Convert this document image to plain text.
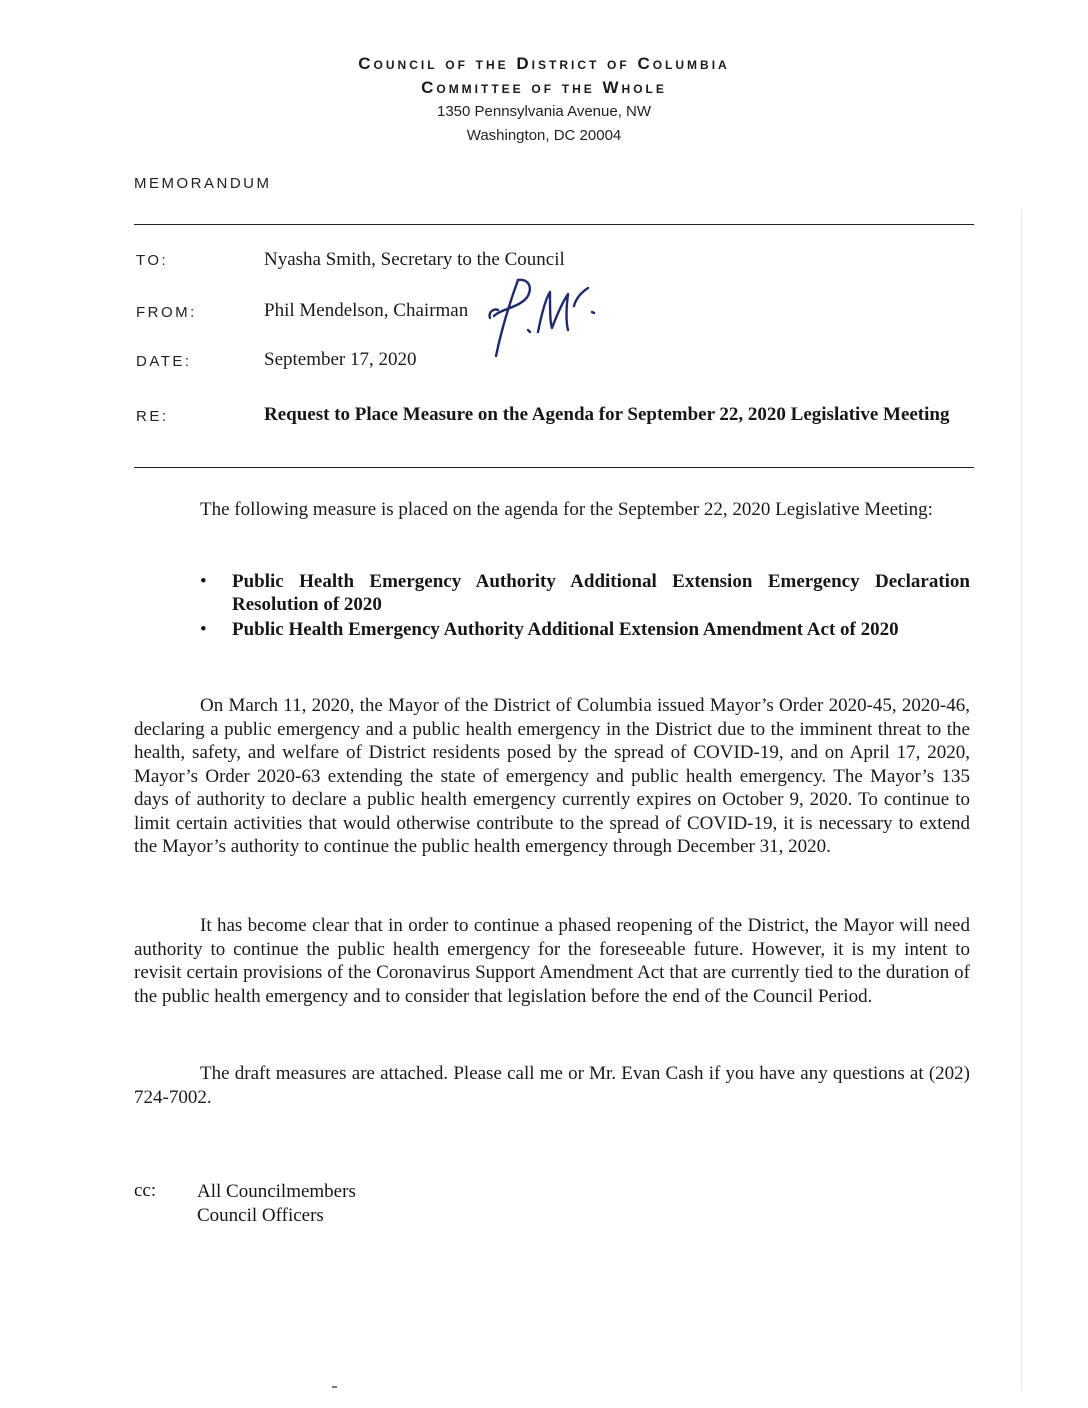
Council of the District of Columbia
Committee of the Whole
1350 Pennsylvania Avenue, NW
Washington, DC 20004
MEMORANDUM
TO:	Nyasha Smith, Secretary to the Council
FROM:	Phil Mendelson, Chairman
DATE:	September 17, 2020
RE:	Request to Place Measure on the Agenda for September 22, 2020 Legislative Meeting
The following measure is placed on the agenda for the September 22, 2020 Legislative Meeting:
• Public Health Emergency Authority Additional Extension Emergency Declaration Resolution of 2020
• Public Health Emergency Authority Additional Extension Amendment Act of 2020
On March 11, 2020, the Mayor of the District of Columbia issued Mayor’s Order 2020-45, 2020-46, declaring a public emergency and a public health emergency in the District due to the imminent threat to the health, safety, and welfare of District residents posed by the spread of COVID-19, and on April 17, 2020, Mayor’s Order 2020-63 extending the state of emergency and public health emergency. The Mayor’s 135 days of authority to declare a public health emergency currently expires on October 9, 2020. To continue to limit certain activities that would otherwise contribute to the spread of COVID-19, it is necessary to extend the Mayor’s authority to continue the public health emergency through December 31, 2020.
It has become clear that in order to continue a phased reopening of the District, the Mayor will need authority to continue the public health emergency for the foreseeable future. However, it is my intent to revisit certain provisions of the Coronavirus Support Amendment Act that are currently tied to the duration of the public health emergency and to consider that legislation before the end of the Council Period.
The draft measures are attached. Please call me or Mr. Evan Cash if you have any questions at (202) 724-7002.
cc: All Councilmembers
Council Officers
